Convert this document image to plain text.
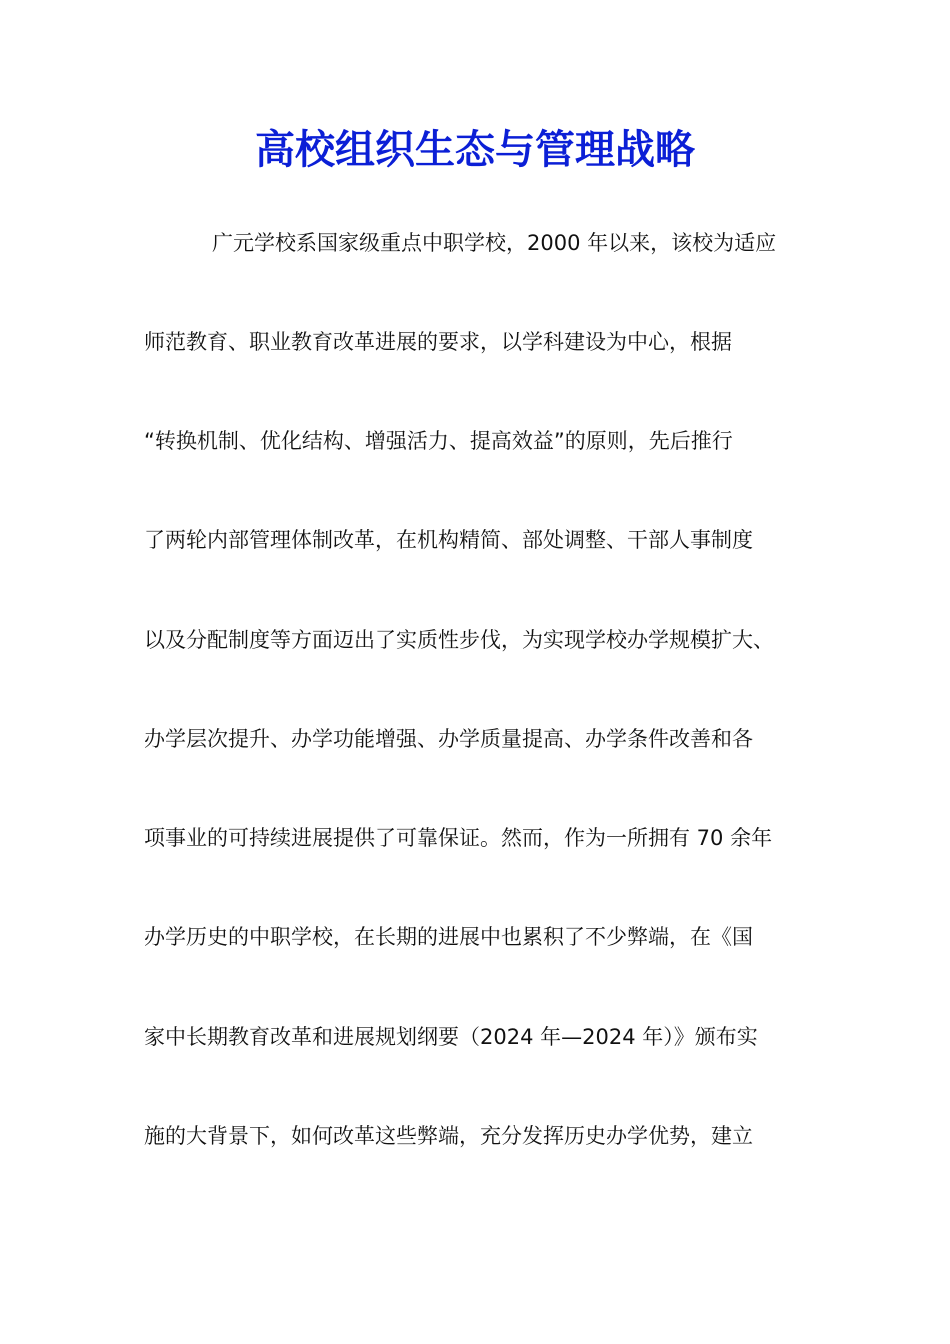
高校组织生态与管理战略

广元学校系国家级重点中职学校，2000 年以来，该校为适应

师范教育、职业教育改革进展的要求，以学科建设为中心，根据

“转换机制、优化结构、增强活力、提高效益”的原则，先后推行

了两轮内部管理体制改革，在机构精简、部处调整、干部人事制度

以及分配制度等方面迈出了实质性步伐，为实现学校办学规模扩大、

办学层次提升、办学功能增强、办学质量提高、办学条件改善和各

项事业的可持续进展提供了可靠保证。然而，作为一所拥有 70 余年

办学历史的中职学校，在长期的进展中也累积了不少弊端，在《国

家中长期教育改革和进展规划纲要（2024 年—2024 年）》颁布实

施的大背景下，如何改革这些弊端，充分发挥历史办学优势，建立
